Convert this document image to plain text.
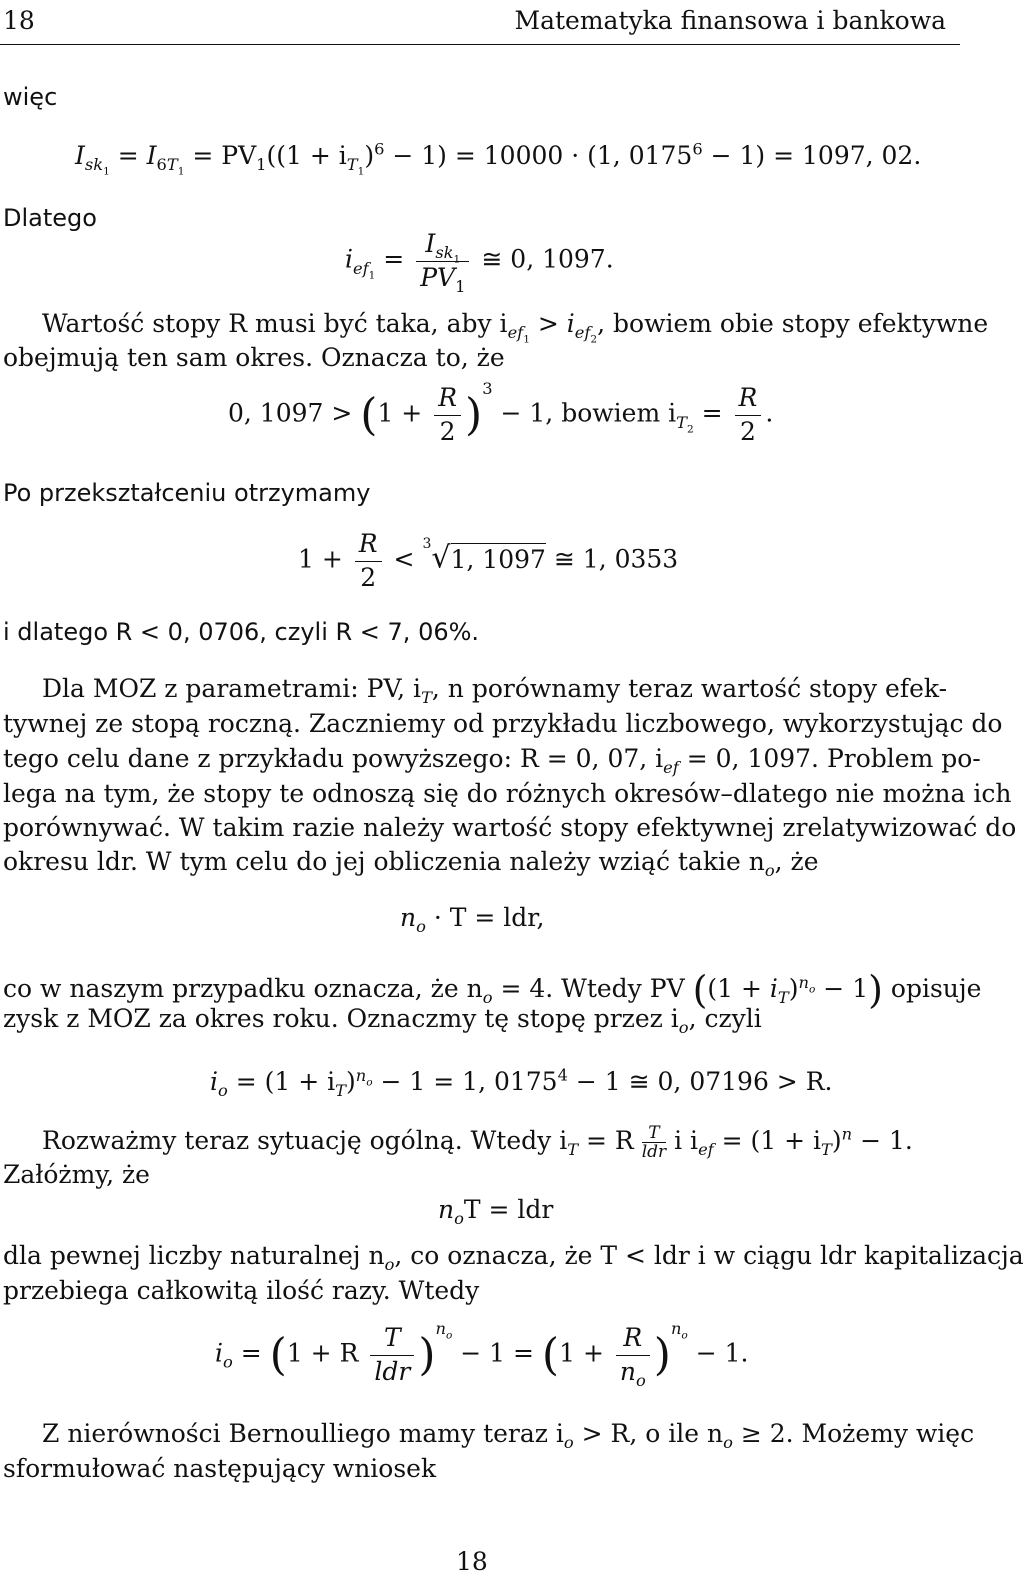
18	Matematyka finansowa i bankowa
więc
$I_{sk_1} = I_{6T_1} = PV_1((1 + i_{T_1})^6 - 1) = 10000 \cdot (1$, $0175^6 - 1) = 1097$, 02.
Dlatego
$i_{ef_1} = \frac{I_{sk_1}}{PV_1}$ ≅ 0, 1097.
Wartość stopy R musi być taka, aby $i_{ef_1} > i_{ef_2}$, bowiem obie stopy efektywne
obejmują ten sam okres. Oznacza to, że
0, $1097 > (1 + \frac{R}{2} )^3 - 1$, bowiem $i_{T_2} = \frac{R}{2}$ .
Po przekształceniu otrzymamy
$1 + \frac{R}{2} < ^3√1$, 1097 ≅ 1, 0353
i dlatego R < 0, 0706, czyli R < 7, 06%.
Dla MOZ z parametrami: PV, $i_T$, n porównamy teraz wartość stopy efek-
tywnej ze stopą roczną. Zaczniemy od przykładu liczbowego, wykorzystując do
tego celu dane z przykładu powyższego: R = 0, 07, $i_{ef} = 0$, 1097. Problem po-
lega na tym, że stopy te odnoszą się do różnych okresów–dlatego nie można ich
porównywać. W takim razie należy wartość stopy efektywnej zrelatywizować do
okresu ldr. W tym celu do jej obliczenia należy wziąć takie $n_o$, że
$n_o \cdot T$ = ldr,
co w naszym przypadku oznacza, że $n_o = 4$. Wtedy PV $((1 + i_T)^{n_o} - 1)$ opisuje
zysk z MOZ za okres roku. Oznaczmy tę stopę przez $i_o$, czyli
$i_o = (1 + i_T)^{n_o} - 1 = 1$, $0175^4 - 1$ ≅ 0, 07196 > R.
Rozważmy teraz sytuację ogólną. Wtedy $i_T = R \frac{T}{\text{ldr}}$ i $i_{ef} = (1 + i_T)^n - 1$.
Załóżmy, że
$n_oT$ = ldr
dla pewnej liczby naturalnej $n_o$, co oznacza, że T < ldr i w ciągu ldr kapitalizacja
przebiega całkowitą ilość razy. Wtedy
$i_o = (1 + R \frac{T}{\text{ldr}} )^{n_o} - 1 = (1 + \frac{R}{n_o} )^{n_o} - 1$.
Z nierówności Bernoulliego mamy teraz $i_o > R$, o ile $n_o \ge 2$. Możemy więc
sformułować następujący wniosek
18
